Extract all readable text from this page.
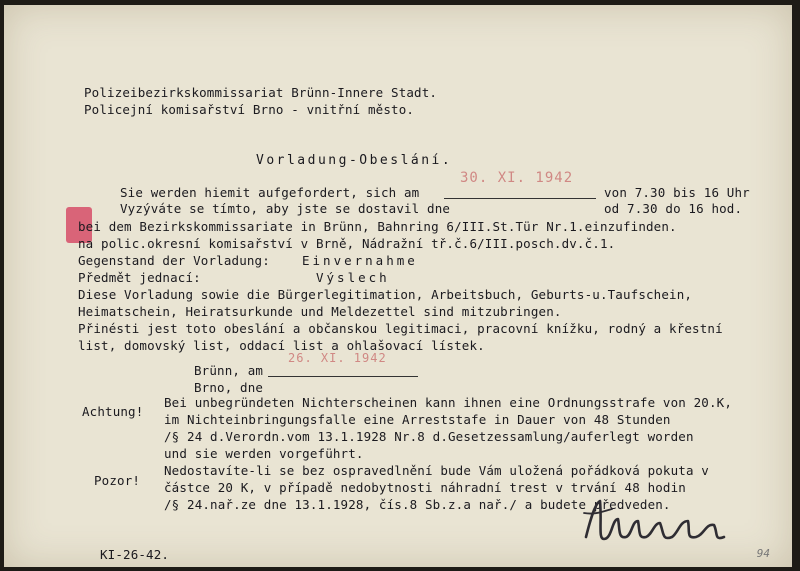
Polizeibezirkskommissariat Brünn-Innere Stadt.
Policejní komisařství Brno - vnitřní město.
Vorladung-Obeslání.
Sie werden hiemit aufgefordert, sich am
30. XI. 1942
von 7.30 bis 16 Uhr
Vyzýváte se tímto, aby jste se dostavil dne	od 7.30 do 16 hod.
bei dem Bezirkskommissariate in Brünn, Bahnring 6/III.St.Tür Nr.1.einzufinden.
na polic.okresní komisařství v Brně, Nádražní tř.č.6/III.posch.dv.č.1.
Gegenstand der Vorladung:	Einvernahme
Předmět jednací:	Výslech
Diese Vorladung sowie die Bürgerlegitimation, Arbeitsbuch, Geburts-u.Taufschein,
Heimatschein, Heiratsurkunde und Meldezettel sind mitzubringen.
Přinésti jest toto obeslání a občanskou legitimaci, pracovní knížku, rodný a křestní
list, domovský list, oddací list a ohlašovací lístek.
Brünn, am
26. XI. 1942
Brno, dne
Achtung!
Bei unbegründeten Nichterscheinen kann ihnen eine Ordnungsstrafe von 20.K,
im Nichteinbringungsfalle eine Arreststafe in Dauer von 48 Stunden
/§ 24 d.Verordn.vom 13.1.1928 Nr.8 d.Gesetzessamlung/auferlegt worden
und sie werden vorgeführt.
Pozor!
Nedostavíte-li se bez ospravedlnění bude Vám uložená pořádková pokuta v
částce 20 K, v případě nedobytnosti náhradní trest v trvání 48 hodin
/§ 24.nař.ze dne 13.1.1928, čís.8 Sb.z.a nař./ a budete předveden.
KI-26-42.	94
